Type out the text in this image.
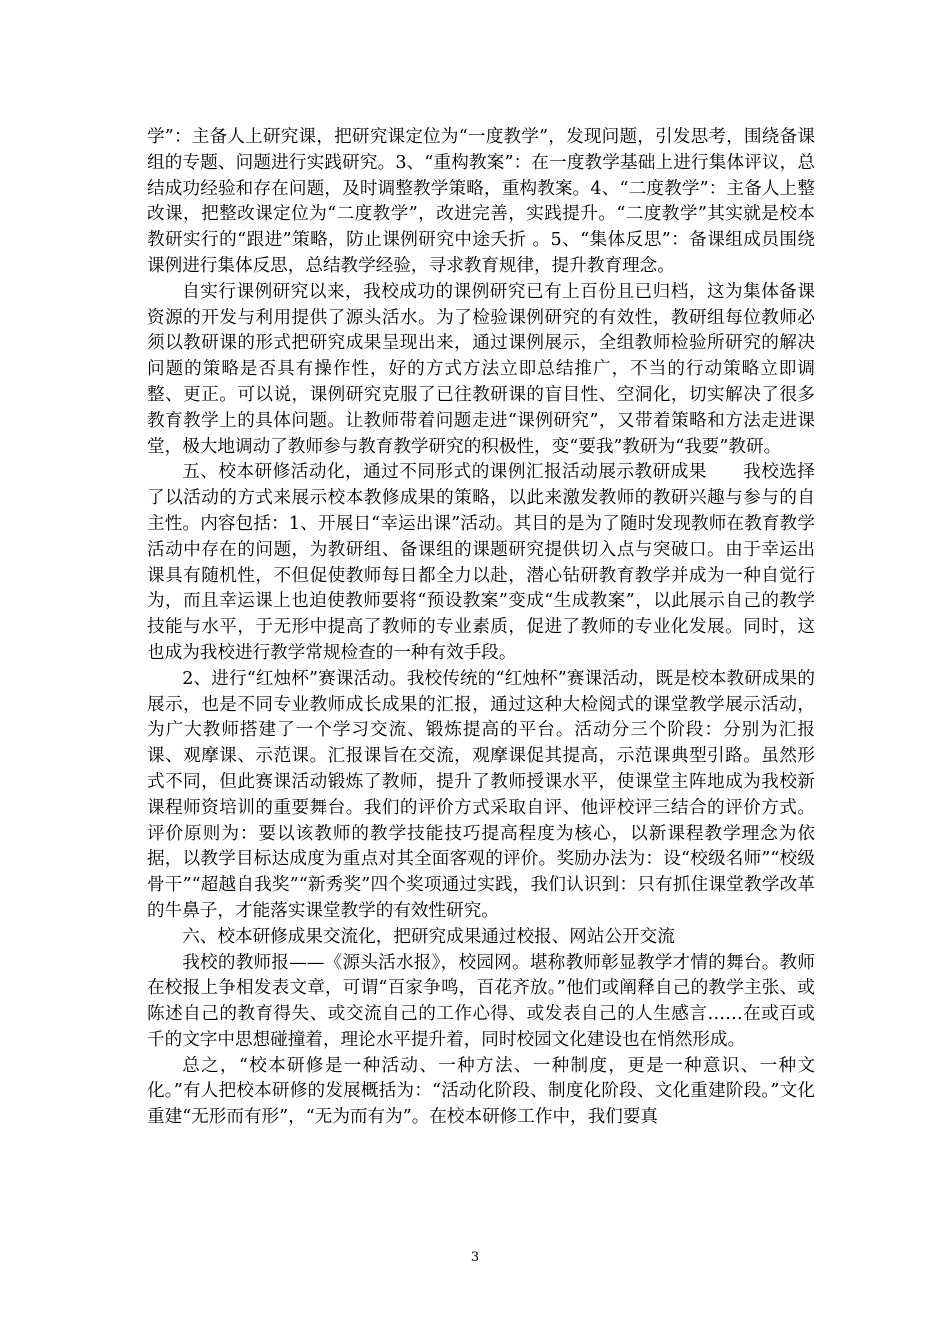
学”：主备人上研究课，把研究课定位为“一度教学”，发现问题，引发思考，围绕备课组的专题、问题进行实践研究。3、“重构教案”：在一度教学基础上进行集体评议，总结成功经验和存在问题，及时调整教学策略，重构教案。4、“二度教学”：主备人上整改课，把整改课定位为“二度教学”，改进完善，实践提升。“二度教学”其实就是校本教研实行的“跟进”策略，防止课例研究中途夭折 。5、“集体反思”：备课组成员围绕课例进行集体反思，总结教学经验，寻求教育规律，提升教育理念。

自实行课例研究以来，我校成功的课例研究已有上百份且已归档，这为集体备课资源的开发与利用提供了源头活水。为了检验课例研究的有效性，教研组每位教师必须以教研课的形式把研究成果呈现出来，通过课例展示，全组教师检验所研究的解决问题的策略是否具有操作性，好的方式方法立即总结推广，不当的行动策略立即调整、更正。可以说，课例研究克服了已往教研课的盲目性、空洞化，切实解决了很多教育教学上的具体问题。让教师带着问题走进“课例研究”，又带着策略和方法走进课堂，极大地调动了教师参与教育教学研究的积极性，变“要我”教研为“我要”教研。

五、校本研修活动化，通过不同形式的课例汇报活动展示教研成果　　我校选择了以活动的方式来展示校本教修成果的策略，以此来激发教师的教研兴趣与参与的自主性。内容包括：1、开展日“幸运出课”活动。其目的是为了随时发现教师在教育教学活动中存在的问题，为教研组、备课组的课题研究提供切入点与突破口。由于幸运出课具有随机性，不但促使教师每日都全力以赴，潜心钻研教育教学并成为一种自觉行为，而且幸运课上也迫使教师要将“预设教案”变成“生成教案”，以此展示自己的教学技能与水平，于无形中提高了教师的专业素质，促进了教师的专业化发展。同时，这也成为我校进行教学常规检查的一种有效手段。

2、进行“红烛杯”赛课活动。我校传统的“红烛杯”赛课活动，既是校本教研成果的展示，也是不同专业教师成长成果的汇报，通过这种大检阅式的课堂教学展示活动，为广大教师搭建了一个学习交流、锻炼提高的平台。活动分三个阶段：分别为汇报课、观摩课、示范课。汇报课旨在交流，观摩课促其提高，示范课典型引路。虽然形式不同，但此赛课活动锻炼了教师，提升了教师授课水平，使课堂主阵地成为我校新课程师资培训的重要舞台。我们的评价方式采取自评、他评校评三结合的评价方式。评价原则为：要以该教师的教学技能技巧提高程度为核心，以新课程教学理念为依据，以教学目标达成度为重点对其全面客观的评价。奖励办法为：设“校级名师”“校级骨干”“超越自我奖”“新秀奖”四个奖项通过实践，我们认识到：只有抓住课堂教学改革的牛鼻子，才能落实课堂教学的有效性研究。

六、校本研修成果交流化，把研究成果通过校报、网站公开交流

我校的教师报——《源头活水报》，校园网。堪称教师彰显教学才情的舞台。教师在校报上争相发表文章，可谓“百家争鸣，百花齐放。”他们或阐释自己的教学主张、或陈述自己的教育得失、或交流自己的工作心得、或发表自己的人生感言……在或百或千的文字中思想碰撞着，理论水平提升着，同时校园文化建设也在悄然形成。

总之，“校本研修是一种活动、一种方法、一种制度，更是一种意识、一种文化。”有人把校本研修的发展概括为：“活动化阶段、制度化阶段、文化重建阶段。”文化重建“无形而有形”，“无为而有为”。在校本研修工作中，我们要真

3
